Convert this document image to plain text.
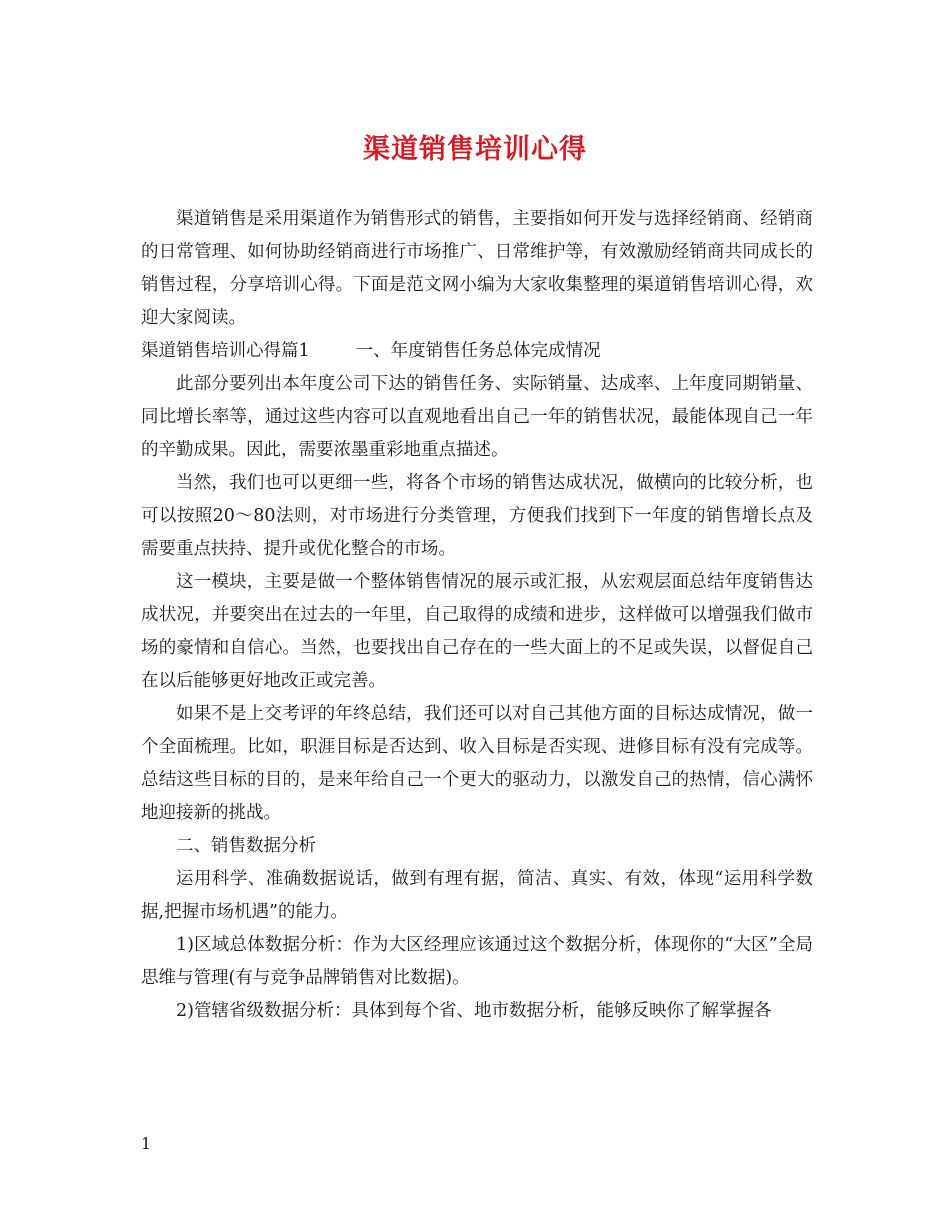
渠道销售培训心得

渠道销售是采用渠道作为销售形式的销售，主要指如何开发与选择经销商、经销商的日常管理、如何协助经销商进行市场推广、日常维护等，有效激励经销商共同成长的销售过程，分享培训心得。下面是范文网小编为大家收集整理的渠道销售培训心得，欢迎大家阅读。

渠道销售培训心得篇1	一、年度销售任务总体完成情况

此部分要列出本年度公司下达的销售任务、实际销量、达成率、上年度同期销量、同比增长率等，通过这些内容可以直观地看出自己一年的销售状况，最能体现自己一年的辛勤成果。因此，需要浓墨重彩地重点描述。

当然，我们也可以更细一些，将各个市场的销售达成状况，做横向的比较分析，也可以按照20～80法则，对市场进行分类管理，方便我们找到下一年度的销售增长点及需要重点扶持、提升或优化整合的市场。

这一模块，主要是做一个整体销售情况的展示或汇报，从宏观层面总结年度销售达成状况，并要突出在过去的一年里，自己取得的成绩和进步，这样做可以增强我们做市场的豪情和自信心。当然，也要找出自己存在的一些大面上的不足或失误，以督促自己在以后能够更好地改正或完善。

如果不是上交考评的年终总结，我们还可以对自己其他方面的目标达成情况，做一个全面梳理。比如，职涯目标是否达到、收入目标是否实现、进修目标有没有完成等。总结这些目标的目的，是来年给自己一个更大的驱动力，以激发自己的热情，信心满怀地迎接新的挑战。

二、销售数据分析

运用科学、准确数据说话，做到有理有据，简洁、真实、有效，体现“运用科学数据,把握市场机遇”的能力。

1)区域总体数据分析：作为大区经理应该通过这个数据分析，体现你的“大区”全局思维与管理(有与竞争品牌销售对比数据)。

2)管辖省级数据分析：具体到每个省、地市数据分析，能够反映你了解掌握各

1
